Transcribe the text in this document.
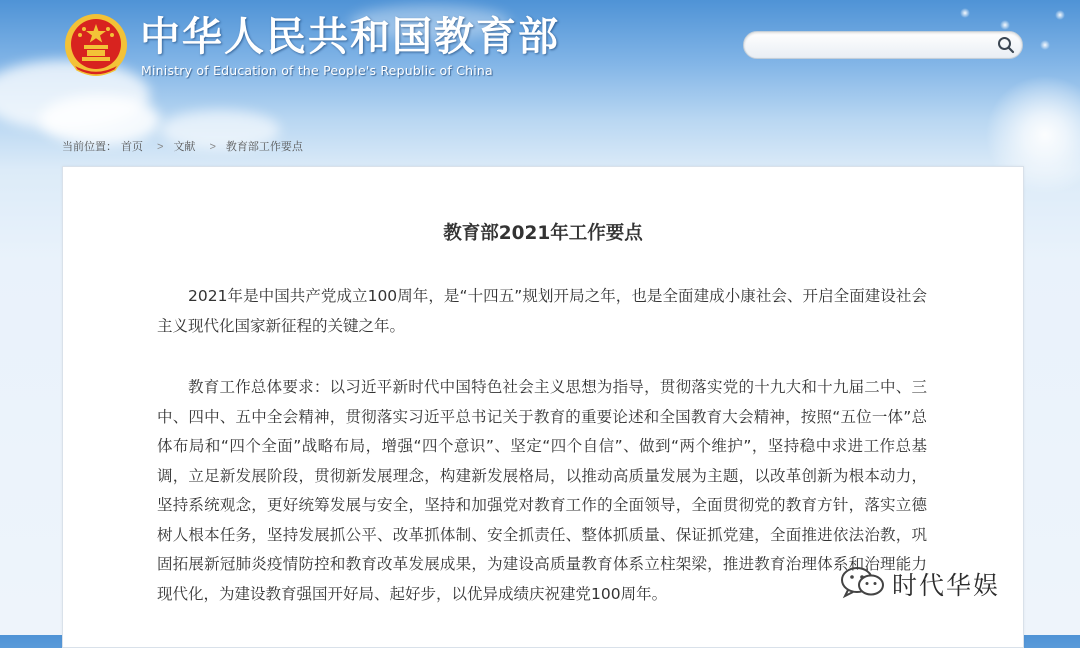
中华人民共和国教育部
Ministry of Education of the People's Republic of China
当前位置： 首页 > 文献 > 教育部工作要点
教育部2021年工作要点

2021年是中国共产党成立100周年，是“十四五”规划开局之年，也是全面建成小康社会、开启全面建设社会主义现代化国家新征程的关键之年。

教育工作总体要求：以习近平新时代中国特色社会主义思想为指导，贯彻落实党的十九大和十九届二中、三中、四中、五中全会精神，贯彻落实习近平总书记关于教育的重要论述和全国教育大会精神，按照“五位一体”总体布局和“四个全面”战略布局，增强“四个意识”、坚定“四个自信”、做到“两个维护”，坚持稳中求进工作总基调，立足新发展阶段，贯彻新发展理念，构建新发展格局，以推动高质量发展为主题，以改革创新为根本动力，坚持系统观念，更好统筹发展与安全，坚持和加强党对教育工作的全面领导，全面贯彻党的教育方针，落实立德树人根本任务，坚持发展抓公平、改革抓体制、安全抓责任、整体抓质量、保证抓党建，全面推进依法治教，巩固拓展新冠肺炎疫情防控和教育改革发展成果，为建设高质量教育体系立柱架梁，推进教育治理体系和治理能力现代化，为建设教育强国开好局、起好步，以优异成绩庆祝建党100周年。	时代华娱
